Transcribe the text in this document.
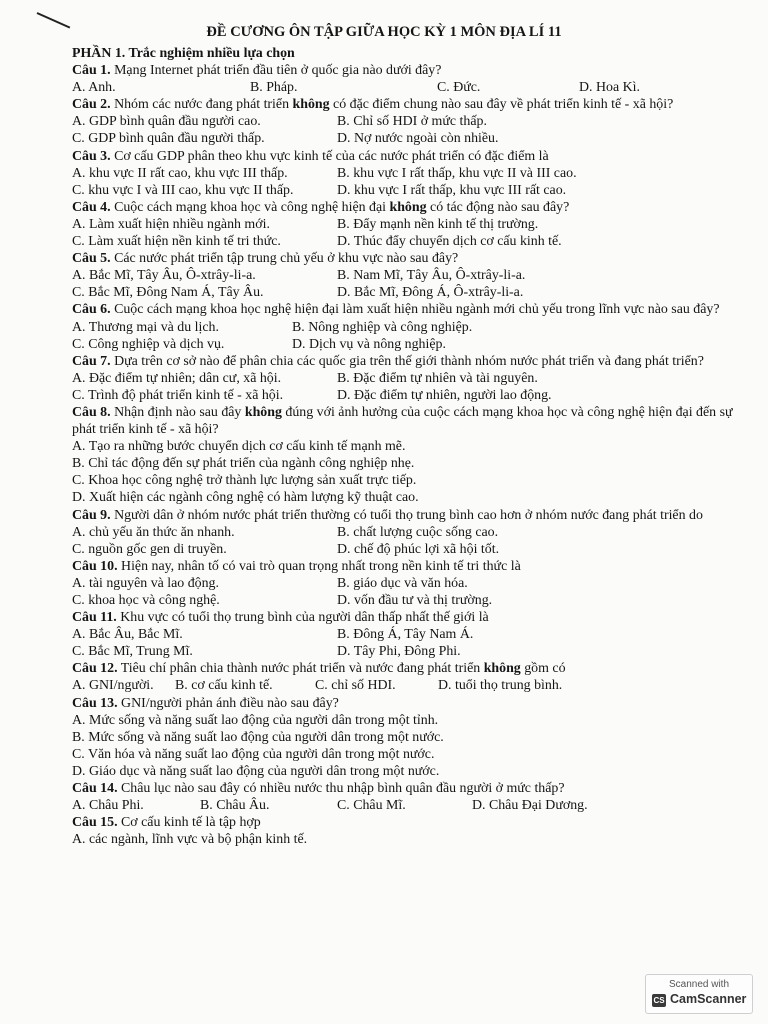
ĐỀ CƯƠNG ÔN TẬP GIỮA HỌC KỲ 1 MÔN ĐỊA LÍ 11
PHẦN 1. Trắc nghiệm nhiều lựa chọn
Câu 1. Mạng Internet phát triển đầu tiên ở quốc gia nào dưới đây?
A. Anh.	B. Pháp.	C. Đức.	D. Hoa Kì.
Câu 2. Nhóm các nước đang phát triển không có đặc điểm chung nào sau đây về phát triển kinh tế - xã hội?
A. GDP bình quân đầu người cao.	B. Chỉ số HDI ở mức thấp.
C. GDP bình quân đầu người thấp.	D. Nợ nước ngoài còn nhiều.
Câu 3. Cơ cấu GDP phân theo khu vực kinh tế của các nước phát triển có đặc điểm là
A. khu vực II rất cao, khu vực III thấp.	B. khu vực I rất thấp, khu vực II và III cao.
C. khu vực I và III cao, khu vực II thấp.	D. khu vực I rất thấp, khu vực III rất cao.
Câu 4. Cuộc cách mạng khoa học và công nghệ hiện đại không có tác động nào sau đây?
A. Làm xuất hiện nhiều ngành mới.	B. Đẩy mạnh nền kinh tế thị trường.
C. Làm xuất hiện nền kinh tế tri thức.	D. Thúc đẩy chuyển dịch cơ cấu kinh tế.
Câu 5. Các nước phát triển tập trung chủ yếu ở khu vực nào sau đây?
A. Bắc Mĩ, Tây Âu, Ô-xtrây-li-a.	B. Nam Mĩ, Tây Âu, Ô-xtrây-li-a.
C. Bắc Mĩ, Đông Nam Á, Tây Âu.	D. Bắc Mĩ, Đông Á, Ô-xtrây-li-a.
Câu 6. Cuộc cách mạng khoa học nghệ hiện đại làm xuất hiện nhiều ngành mới chủ yếu trong lĩnh vực nào sau đây?
A. Thương mại và du lịch.	B. Nông nghiệp và công nghiệp.
C. Công nghiệp và dịch vụ.	D. Dịch vụ và nông nghiệp.
Câu 7. Dựa trên cơ sở nào để phân chia các quốc gia trên thế giới thành nhóm nước phát triển và đang phát triển?
A. Đặc điểm tự nhiên; dân cư, xã hội.	B. Đặc điểm tự nhiên và tài nguyên.
C. Trình độ phát triển kinh tế - xã hội.	D. Đặc điểm tự nhiên, người lao động.
Câu 8. Nhận định nào sau đây không đúng với ảnh hưởng của cuộc cách mạng khoa học và công nghệ hiện đại đến sự phát triển kinh tế - xã hội?
A. Tạo ra những bước chuyển dịch cơ cấu kinh tế mạnh mẽ.
B. Chỉ tác động đến sự phát triển của ngành công nghiệp nhẹ.
C. Khoa học công nghệ trở thành lực lượng sản xuất trực tiếp.
D. Xuất hiện các ngành công nghệ có hàm lượng kỹ thuật cao.
Câu 9. Người dân ở nhóm nước phát triển thường có tuổi thọ trung bình cao hơn ở nhóm nước đang phát triển do
A. chủ yếu ăn thức ăn nhanh.	B. chất lượng cuộc sống cao.
C. nguồn gốc gen di truyền.	D. chế độ phúc lợi xã hội tốt.
Câu 10. Hiện nay, nhân tố có vai trò quan trọng nhất trong nền kinh tế tri thức là
A. tài nguyên và lao động.	B. giáo dục và văn hóa.
C. khoa học và công nghệ.	D. vốn đầu tư và thị trường.
Câu 11. Khu vực có tuổi thọ trung bình của người dân thấp nhất thế giới là
A. Bắc Âu, Bắc Mĩ.	B. Đông Á, Tây Nam Á.
C. Bắc Mĩ, Trung Mĩ.	D. Tây Phi, Đông Phi.
Câu 12. Tiêu chí phân chia thành nước phát triển và nước đang phát triển không gồm có
A. GNI/người.	B. cơ cấu kinh tế.	C. chỉ số HDI.	D. tuổi thọ trung bình.
Câu 13. GNI/người phản ánh điều nào sau đây?
A. Mức sống và năng suất lao động của người dân trong một tỉnh.
B. Mức sống và năng suất lao động của người dân trong một nước.
C. Văn hóa và năng suất lao động của người dân trong một nước.
D. Giáo dục và năng suất lao động của người dân trong một nước.
Câu 14. Châu lục nào sau đây có nhiều nước thu nhập bình quân đầu người ở mức thấp?
A. Châu Phi.	B. Châu Âu.	C. Châu Mĩ.	D. Châu Đại Dương.
Câu 15. Cơ cấu kinh tế là tập hợp
A. các ngành, lĩnh vực và bộ phận kinh tế.
Scanned with
CS CamScanner
